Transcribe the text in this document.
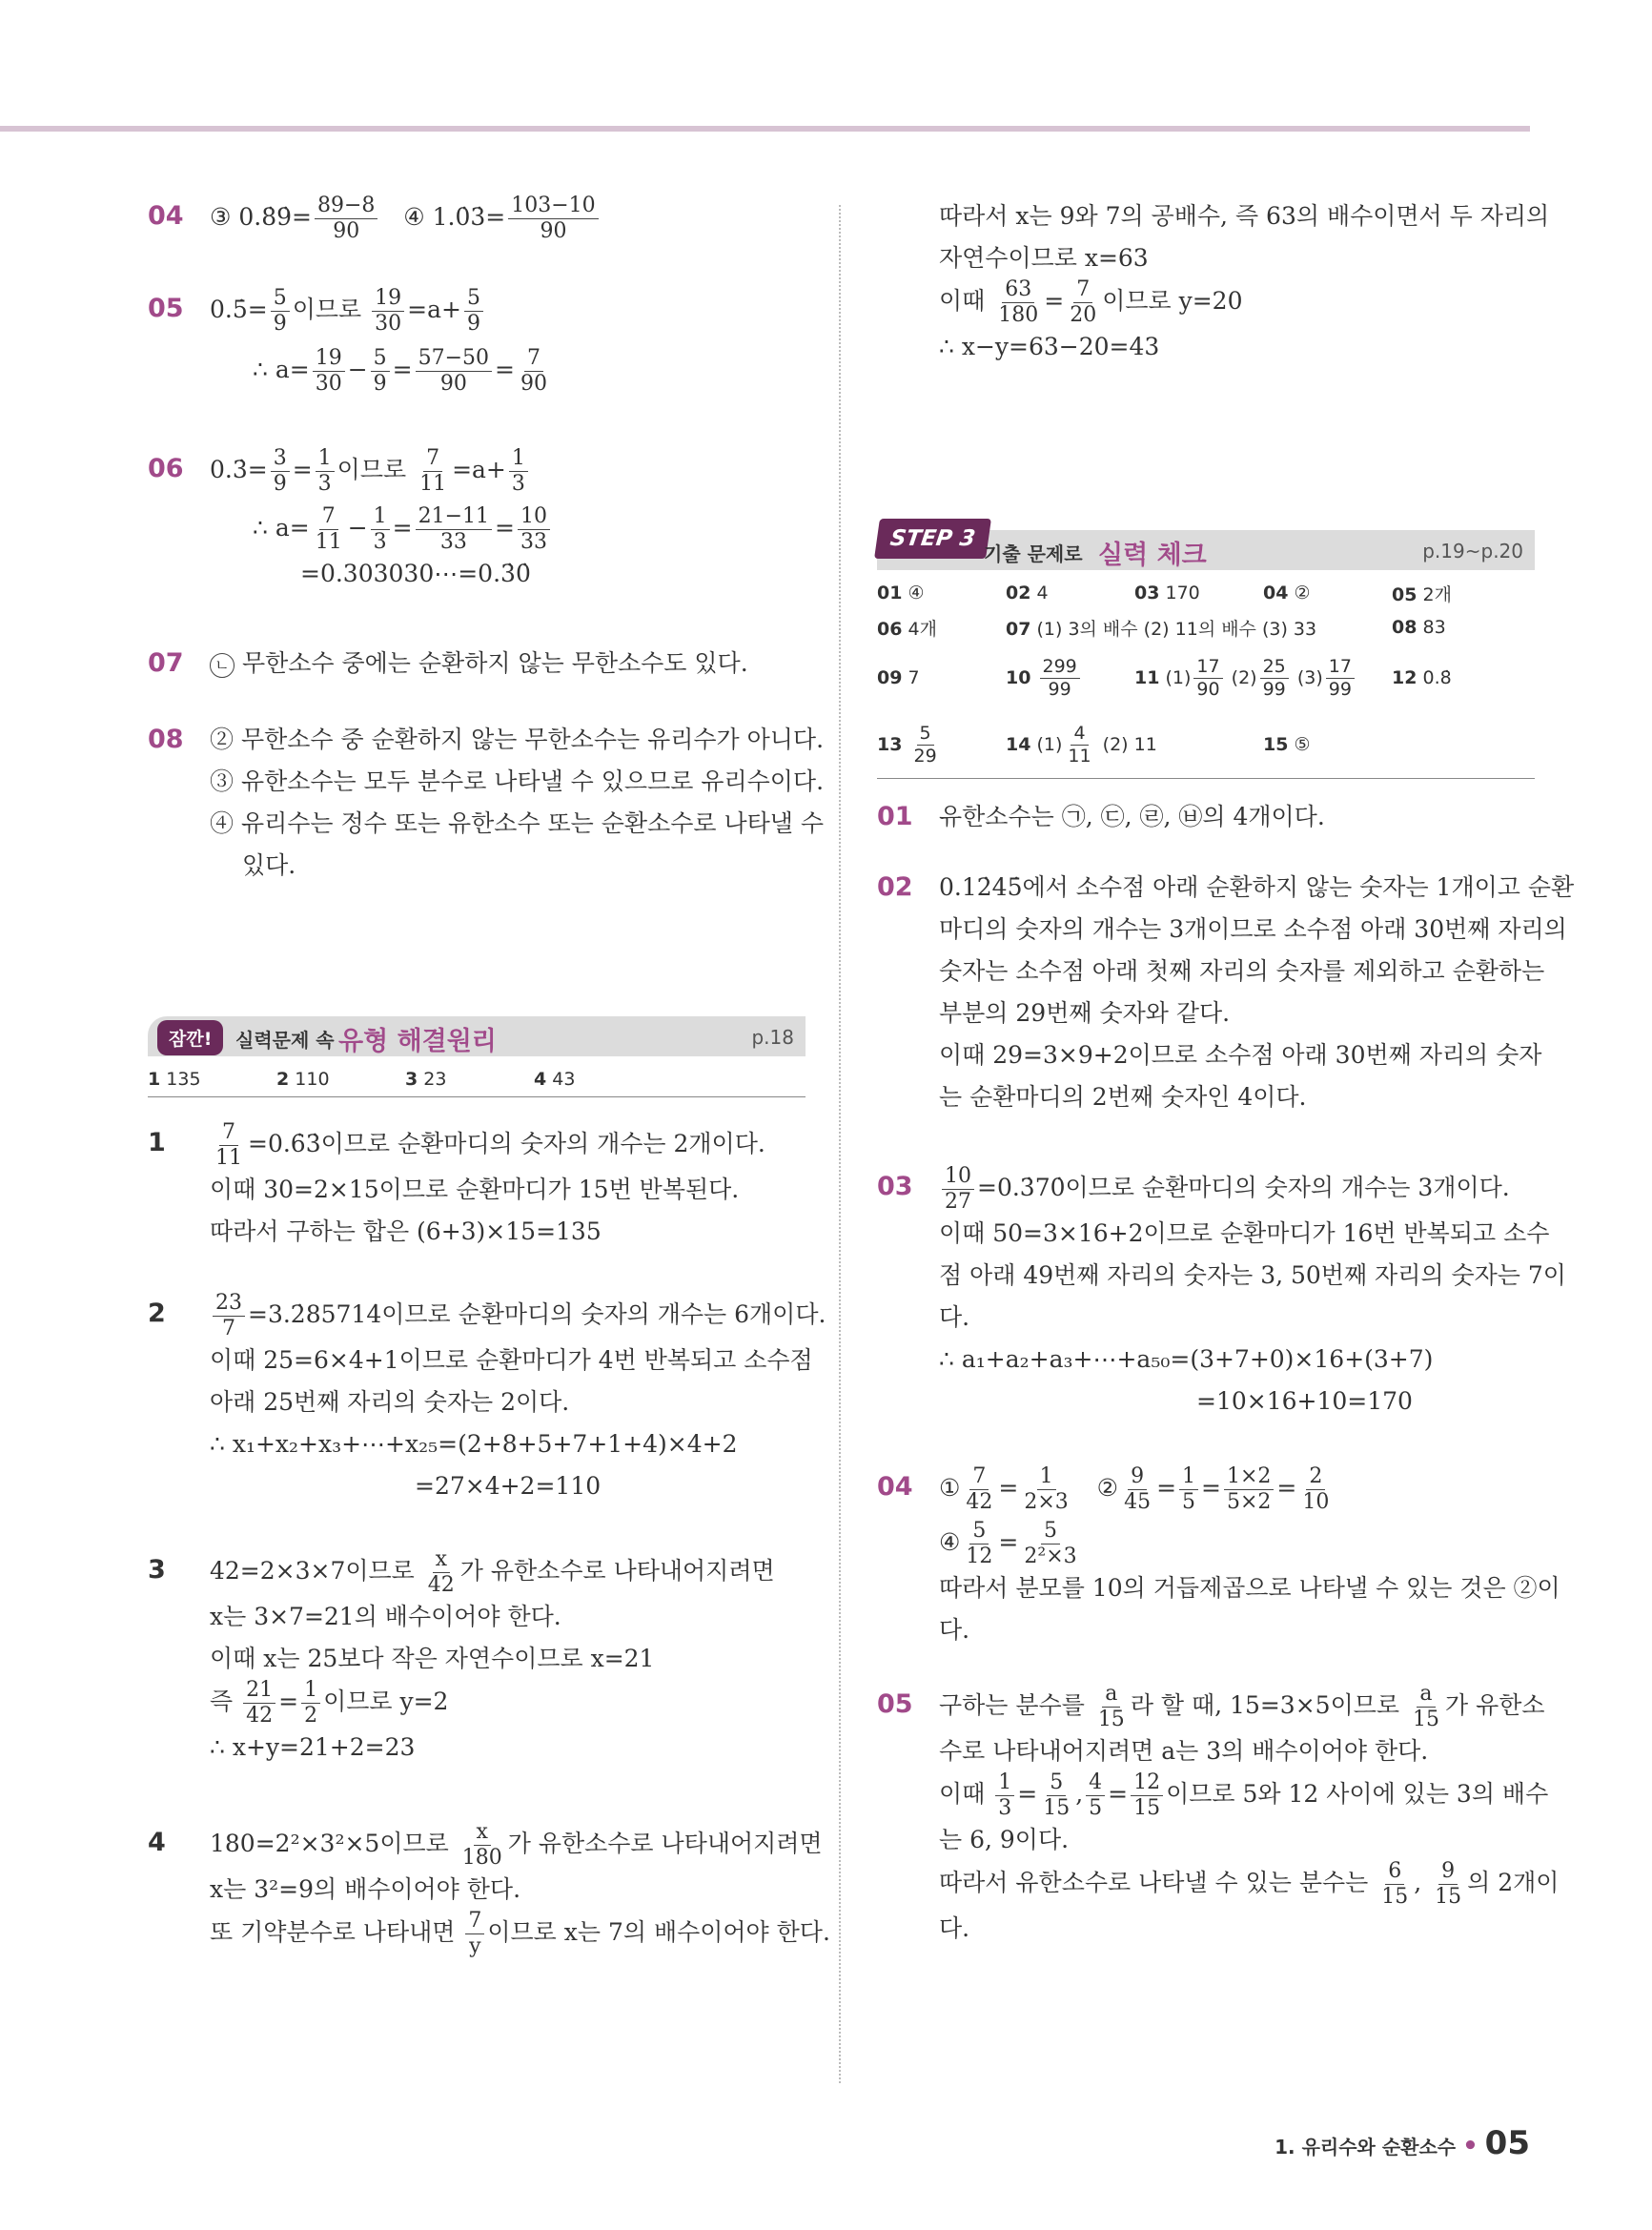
04 ③ 0.8̇9̇= $\frac{89-8}{90}$ ④ 1.0̇3̇= $\frac{103-10}{90}$
05 0.5̇= $\frac{5}{9}$ 이므로 $\frac{19}{30} =a+ \frac{5}{9}$
∴ $a= \frac{19}{30} - \frac{5}{9} = \frac{57-50}{90} = \frac{7}{90}$
06 0.3̇= $\frac{3}{9} = \frac{1}{3}$ 이므로 $\frac{7}{11} =a+ \frac{1}{3}$
∴ $a= \frac{7}{11} - \frac{1}{3} = \frac{21-11}{33} = \frac{10}{33}$
=0.303030⋯=0.3̇0̇
07	ㄴ 무한소수 중에는 순환하지 않는 무한소수도 있다.
08 ② 무한소수 중 순환하지 않는 무한소수는 유리수가 아니다.
③ 유한소수는 모두 분수로 나타낼 수 있으므로 유리수이다.
④ 유리수는 정수 또는 유한소수 또는 순환소수로 나타낼 수
있다.
잠깐!	실력문제 속 유형 해결원리	p.18
1 135	2 110	3 23	4 43
$1 \frac{7}{11}$ =0.6̇3̇이므로 순환마디의 숫자의 개수는 2개이다.
이때 30=2×15이므로 순환마디가 15번 반복된다.
따라서 구하는 합은 (6+3)×15=135
$2 \frac{23}{7}$ =3.2̇85714̇이므로 순환마디의 숫자의 개수는 6개이다.
이때 25=6×4+1이므로 순환마디가 4번 반복되고 소수점
아래 25번째 자리의 숫자는 2이다.
∴ x₁+x₂+x₃+⋯+x₂₅=(2+8+5+7+1+4)×4+2
=27×4+2=110
3 42=2×3×7이므로 $\frac{x}{42}$ 가 유한소수로 나타내어지려면
x는 3×7=21의 배수이어야 한다.
이때 x는 25보다 작은 자연수이므로 x=21
즉 $\frac{21}{42} = \frac{1}{2}$ 이므로 y=2
∴ x+y=21+2=23
4 180=2²×3²×5이므로 $\frac{x}{180}$ 가 유한소수로 나타내어지려면
x는 3²=9의 배수이어야 한다.
또 기약분수로 나타내면 $\frac{7}{y}$ 이므로 x는 7의 배수이어야 한다.
따라서 x는 9와 7의 공배수, 즉 63의 배수이면서 두 자리의
자연수이므로 x=63
이때 $\frac{63}{180} = \frac{7}{20}$ 이므로 y=20
∴ x−y=63−20=43
STEP 3
기출 문제로 실력 체크	p.19~p.20
01 ④	02 4	03 170	04 ②	05 2개
06 4개	07 (1) 3의 배수 (2) 11의 배수 (3) 33	08 83
09 7	$10 \frac{299}{99}$	11 $(1) \frac{17}{90} (2) \frac{25}{99} (3) \frac{17}{99} 12$ 0.8̇
$13 \frac{5}{29}$	14 $(1) \frac{4}{11} (2)$ 11	15 ⑤
01 유한소수는 ㉠, ㉢, ㉣, ㉥의 4개이다.
02 0.12̇45̇에서 소수점 아래 순환하지 않는 숫자는 1개이고 순환
마디의 숫자의 개수는 3개이므로 소수점 아래 30번째 자리의
숫자는 소수점 아래 첫째 자리의 숫자를 제외하고 순환하는
부분의 29번째 숫자와 같다.
이때 29=3×9+2이므로 소수점 아래 30번째 자리의 숫자
는 순환마디의 2번째 숫자인 4이다.
$03 \frac{10}{27}$ =0.3̇70̇이므로 순환마디의 숫자의 개수는 3개이다.
이때 50=3×16+2이므로 순환마디가 16번 반복되고 소수
점 아래 49번째 자리의 숫자는 3, 50번째 자리의 숫자는 7이
다.
∴ a₁+a₂+a₃+⋯+a₅₀=(3+7+0)×16+(3+7)
=10×16+10=170
04 ① $\frac{7}{42} = \frac{1}{2\times 3}$ ② $\frac{9}{45} = \frac{1}{5} = \frac{1\times 2}{5\times 2} = \frac{2}{10}$
④ $\frac{5}{12} = \frac{5}{\text{2²×3}}$
따라서 분모를 10의 거듭제곱으로 나타낼 수 있는 것은 ②이
다.
05 구하는 분수를 $\frac{a}{15}$ 라 할 때, 15=3×5이므로 $\frac{a}{15}$ 가 유한소
수로 나타내어지려면 a는 3의 배수이어야 한다.
이때 $\frac{1}{3} = \frac{5}{15}$ , $\frac{4}{5} = \frac{12}{15}$ 이므로 5와 12 사이에 있는 3의 배수
는 6, 9이다.
따라서 유한소수로 나타낼 수 있는 분수는 $\frac{6}{15}$ , $\frac{9}{15}$ 의 2개이
다.
1. 유리수와 순환소수 • 05
